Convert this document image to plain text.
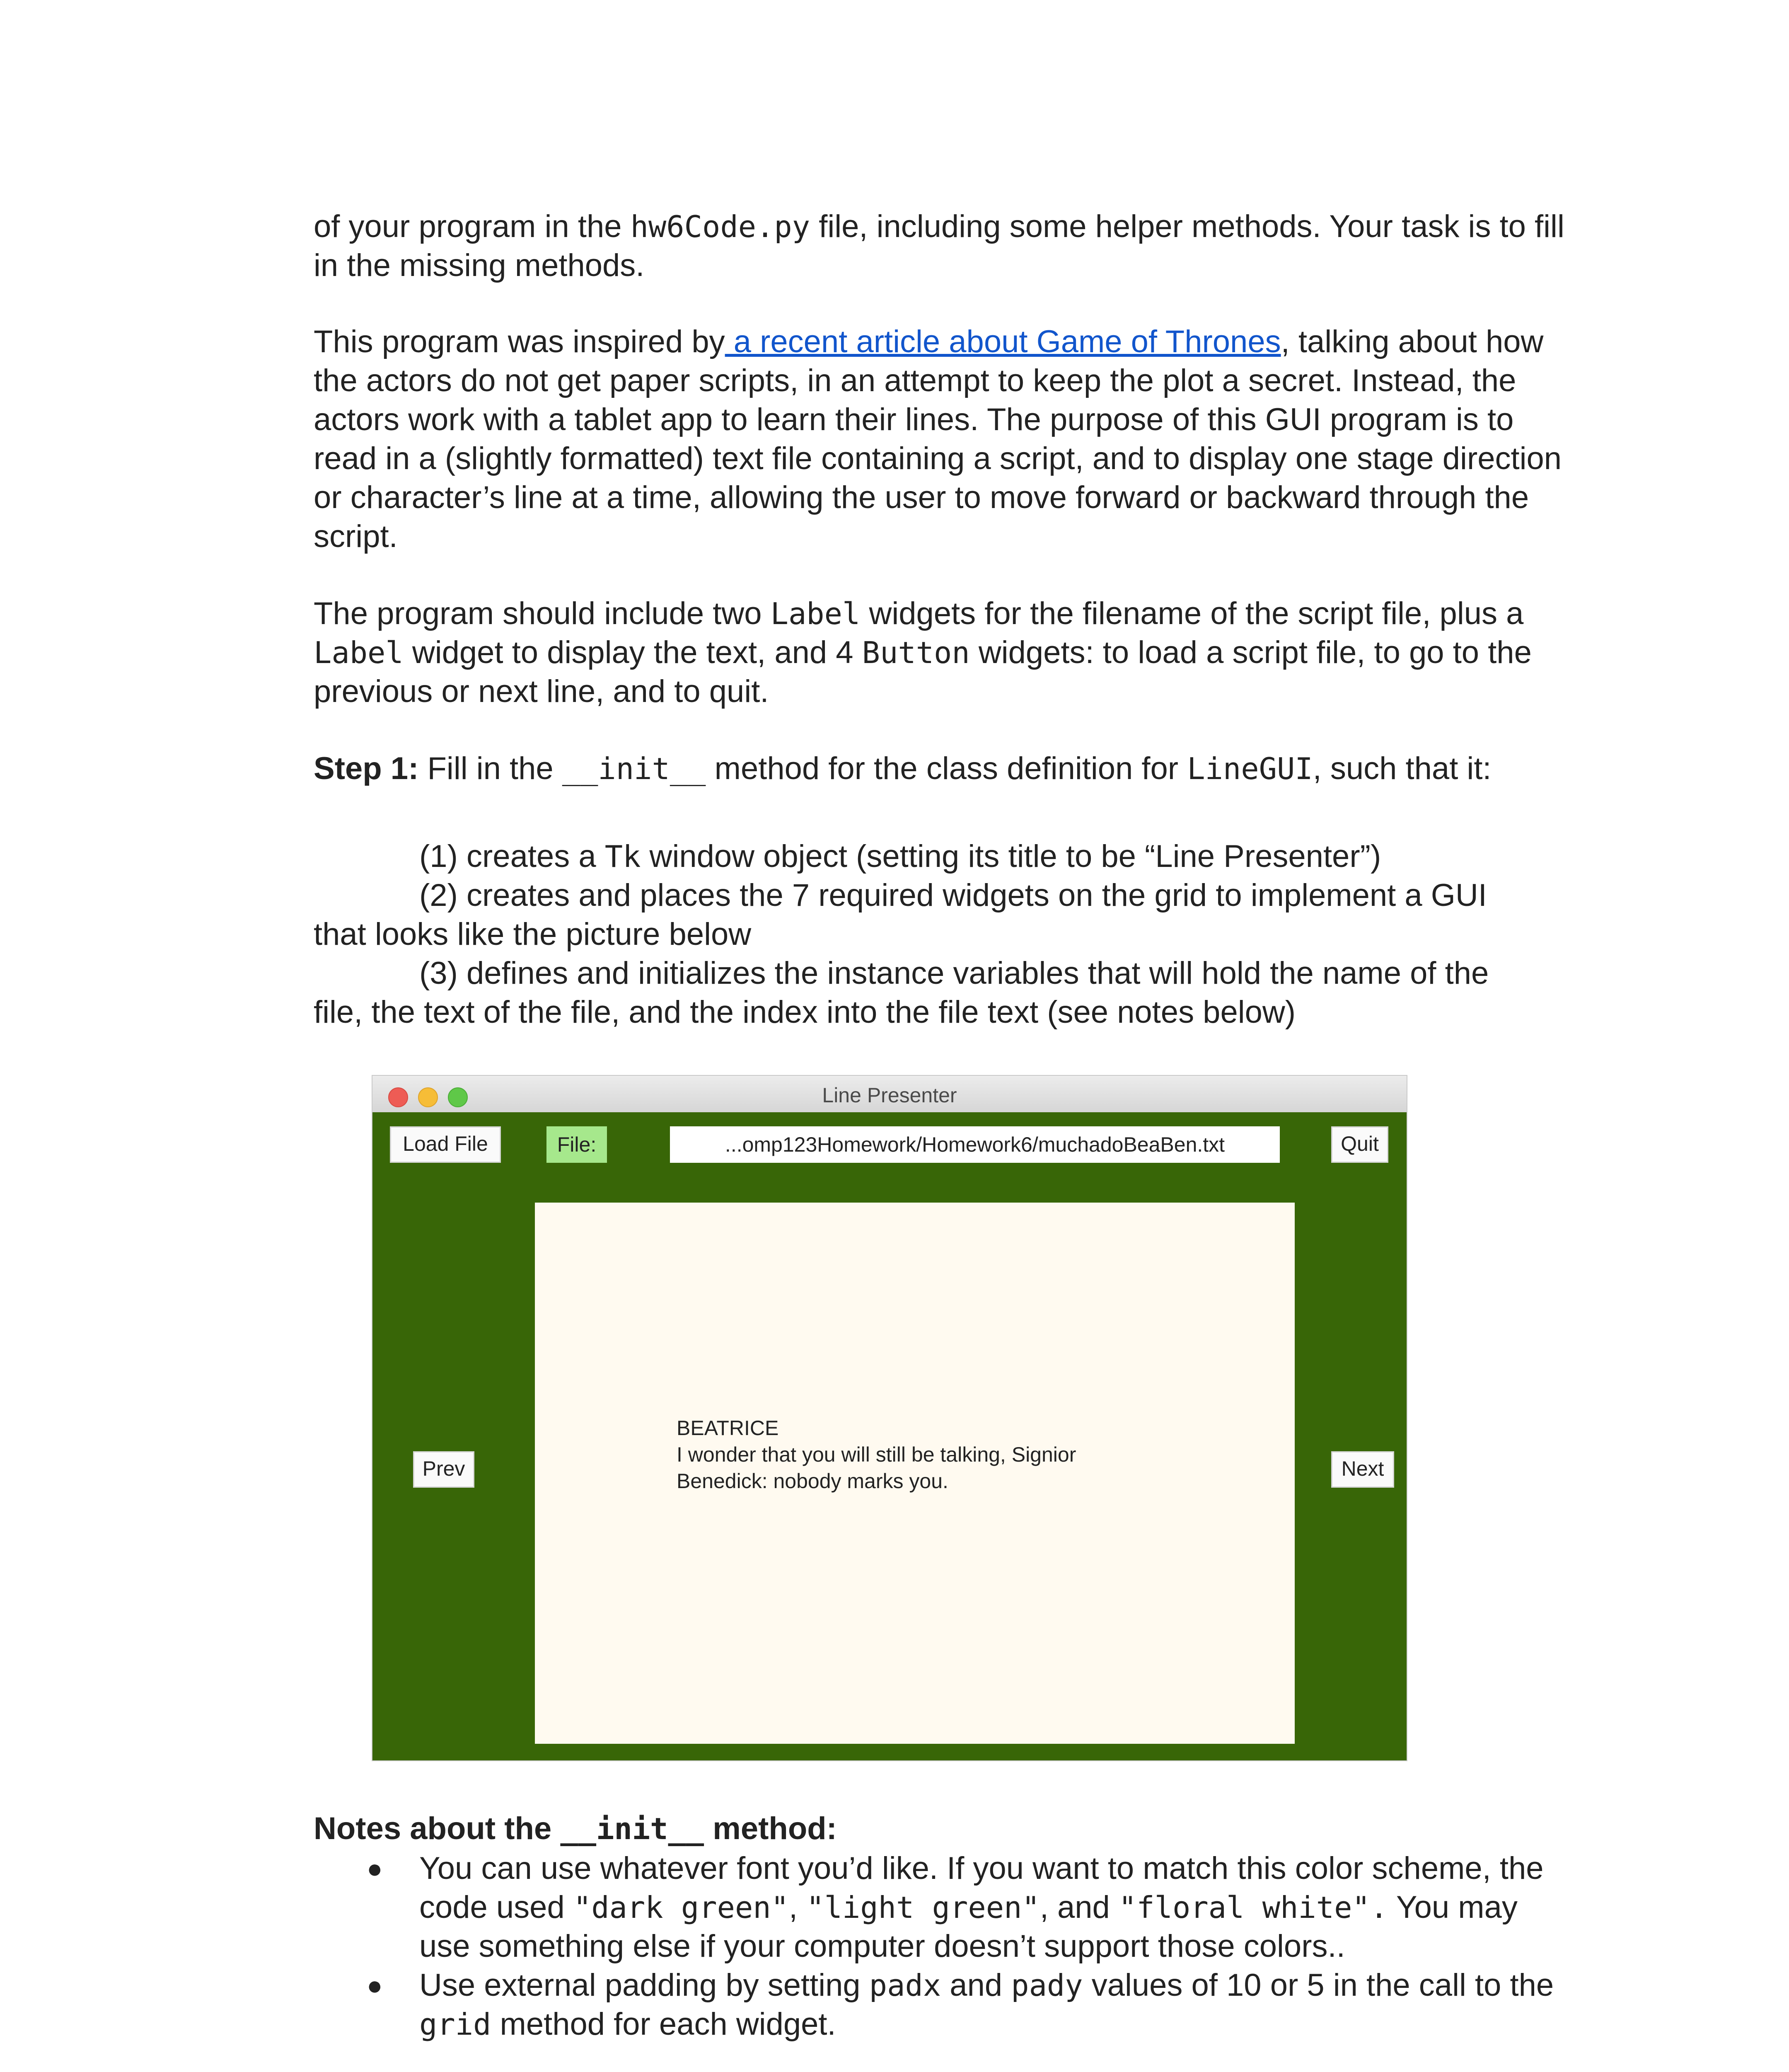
of your program in the hw6Code.py file, including some helper methods. Your task is to fill in the missing methods.

This program was inspired by a recent article about Game of Thrones, talking about how the actors do not get paper scripts, in an attempt to keep the plot a secret. Instead, the actors work with a tablet app to learn their lines. The purpose of this GUI program is to read in a (slightly formatted) text file containing a script, and to display one stage direction or character’s line at a time, allowing the user to move forward or backward through the script.

The program should include two Label widgets for the filename of the script file, plus a Label widget to display the text, and 4 Button widgets: to load a script file, to go to the previous or next line, and to quit.

Step 1: Fill in the __init__ method for the class definition for LineGUI, such that it:

(1) creates a Tk window object (setting its title to be “Line Presenter”)

(2) creates and places the 7 required widgets on the grid to implement a GUI

that looks like the picture below

(3) defines and initializes the instance variables that will hold the name of the

file, the text of the file, and the index into the file text (see notes below)

Line Presenter
Load File	File:	...omp123Homework/Homework6/muchadoBeaBen.txt	Quit
BEATRICE
I wonder that you will still be talking, Signior
Benedick: nobody marks you.
Prev	Next

Notes about the __init__ method:

● You can use whatever font you’d like. If you want to match this color scheme, the code used "dark green", "light green", and "floral white". You may use something else if your computer doesn’t support those colors..
● Use external padding by setting padx and pady values of 10 or 5 in the call to the grid method for each widget.
